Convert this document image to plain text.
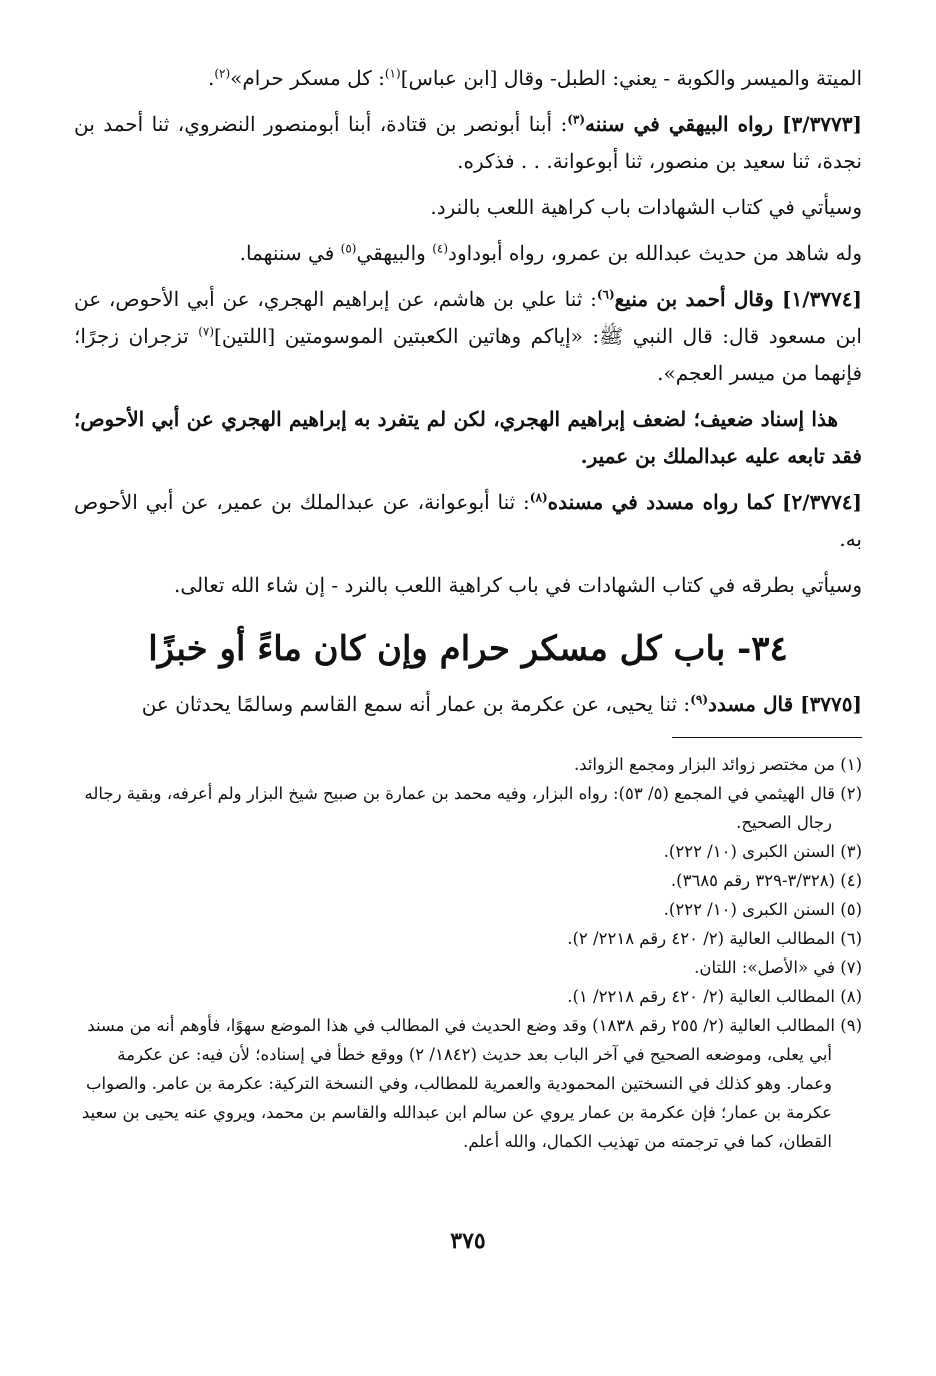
الميتة والميسر والكوبة - يعني: الطبل- وقال [ابن عباس]$^{(١)}$: كل مسكر حرام»$^{(٢)}$.

[٣/٣٧٧٣] رواه البيهقي في سننه$^{(٣)}$: أبنا أبونصر بن قتادة، أبنا أبومنصور النضروي، ثنا أحمد بن نجدة، ثنا سعيد بن منصور، ثنا أبوعوانة. . . فذكره.

وسيأتي في كتاب الشهادات باب كراهية اللعب بالنرد.

وله شاهد من حديث عبدالله بن عمرو، رواه أبوداود$^{(٤)}$ والبيهقي$^{(٥)}$ في سننهما.

[١/٣٧٧٤] وقال أحمد بن منيع$^{(٦)}$: ثنا علي بن هاشم، عن إبراهيم الهجري، عن أبي الأحوص، عن ابن مسعود قال: قال النبي ﷺ: «إياكم وهاتين الكعبتين الموسومتين [اللتين]$^{(٧)}$ تزجران زجرًا؛ فإنهما من ميسر العجم».

هذا إسناد ضعيف؛ لضعف إبراهيم الهجري، لكن لم يتفرد به إبراهيم الهجري عن أبي الأحوص؛ فقد تابعه عليه عبدالملك بن عمير.

[٢/٣٧٧٤] كما رواه مسدد في مسنده$^{(٨)}$: ثنا أبوعوانة، عن عبدالملك بن عمير، عن أبي الأحوص به.

وسيأتي بطرقه في كتاب الشهادات في باب كراهية اللعب بالنرد - إن شاء الله تعالى.

٣٤- باب كل مسكر حرام وإن كان ماءً أو خبزًا

[٣٧٧٥] قال مسدد$^{(٩)}$: ثنا يحيى، عن عكرمة بن عمار أنه سمع القاسم وسالمًا يحدثان عن

(١) من مختصر زوائد البزار ومجمع الزوائد.

(٢) قال الهيثمي في المجمع (٥/ ٥٣): رواه البزار، وفيه محمد بن عمارة بن صبيح شيخ البزار ولم أعرفه، وبقية رجاله رجال الصحيح.

(٣) السنن الكبرى (١٠/ ٢٢٢).

(٤) (٣/٣٢٨-٣٢٩ رقم ٣٦٨٥).

(٥) السنن الكبرى (١٠/ ٢٢٢).

(٦) المطالب العالية (٢/ ٤٢٠ رقم ٢٢١٨/ ٢).

(٧) في «الأصل»: اللتان.

(٨) المطالب العالية (٢/ ٤٢٠ رقم ٢٢١٨/ ١).

(٩) المطالب العالية (٢/ ٢٥٥ رقم ١٨٣٨) وقد وضع الحديث في المطالب في هذا الموضع سهوًا، فأوهم أنه من مسند أبي يعلى، وموضعه الصحيح في آخر الباب بعد حديث (١٨٤٢/ ٢) ووقع خطأ في إسناده؛ لأن فيه: عن عكرمة وعمار. وهو كذلك في النسختين المحمودية والعمرية للمطالب، وفي النسخة التركية: عكرمة بن عامر. والصواب عكرمة بن عمار؛ فإن عكرمة بن عمار يروي عن سالم ابن عبدالله والقاسم بن محمد، ويروي عنه يحيى بن سعيد القطان، كما في ترجمته من تهذيب الكمال، والله أعلم.

٣٧٥
